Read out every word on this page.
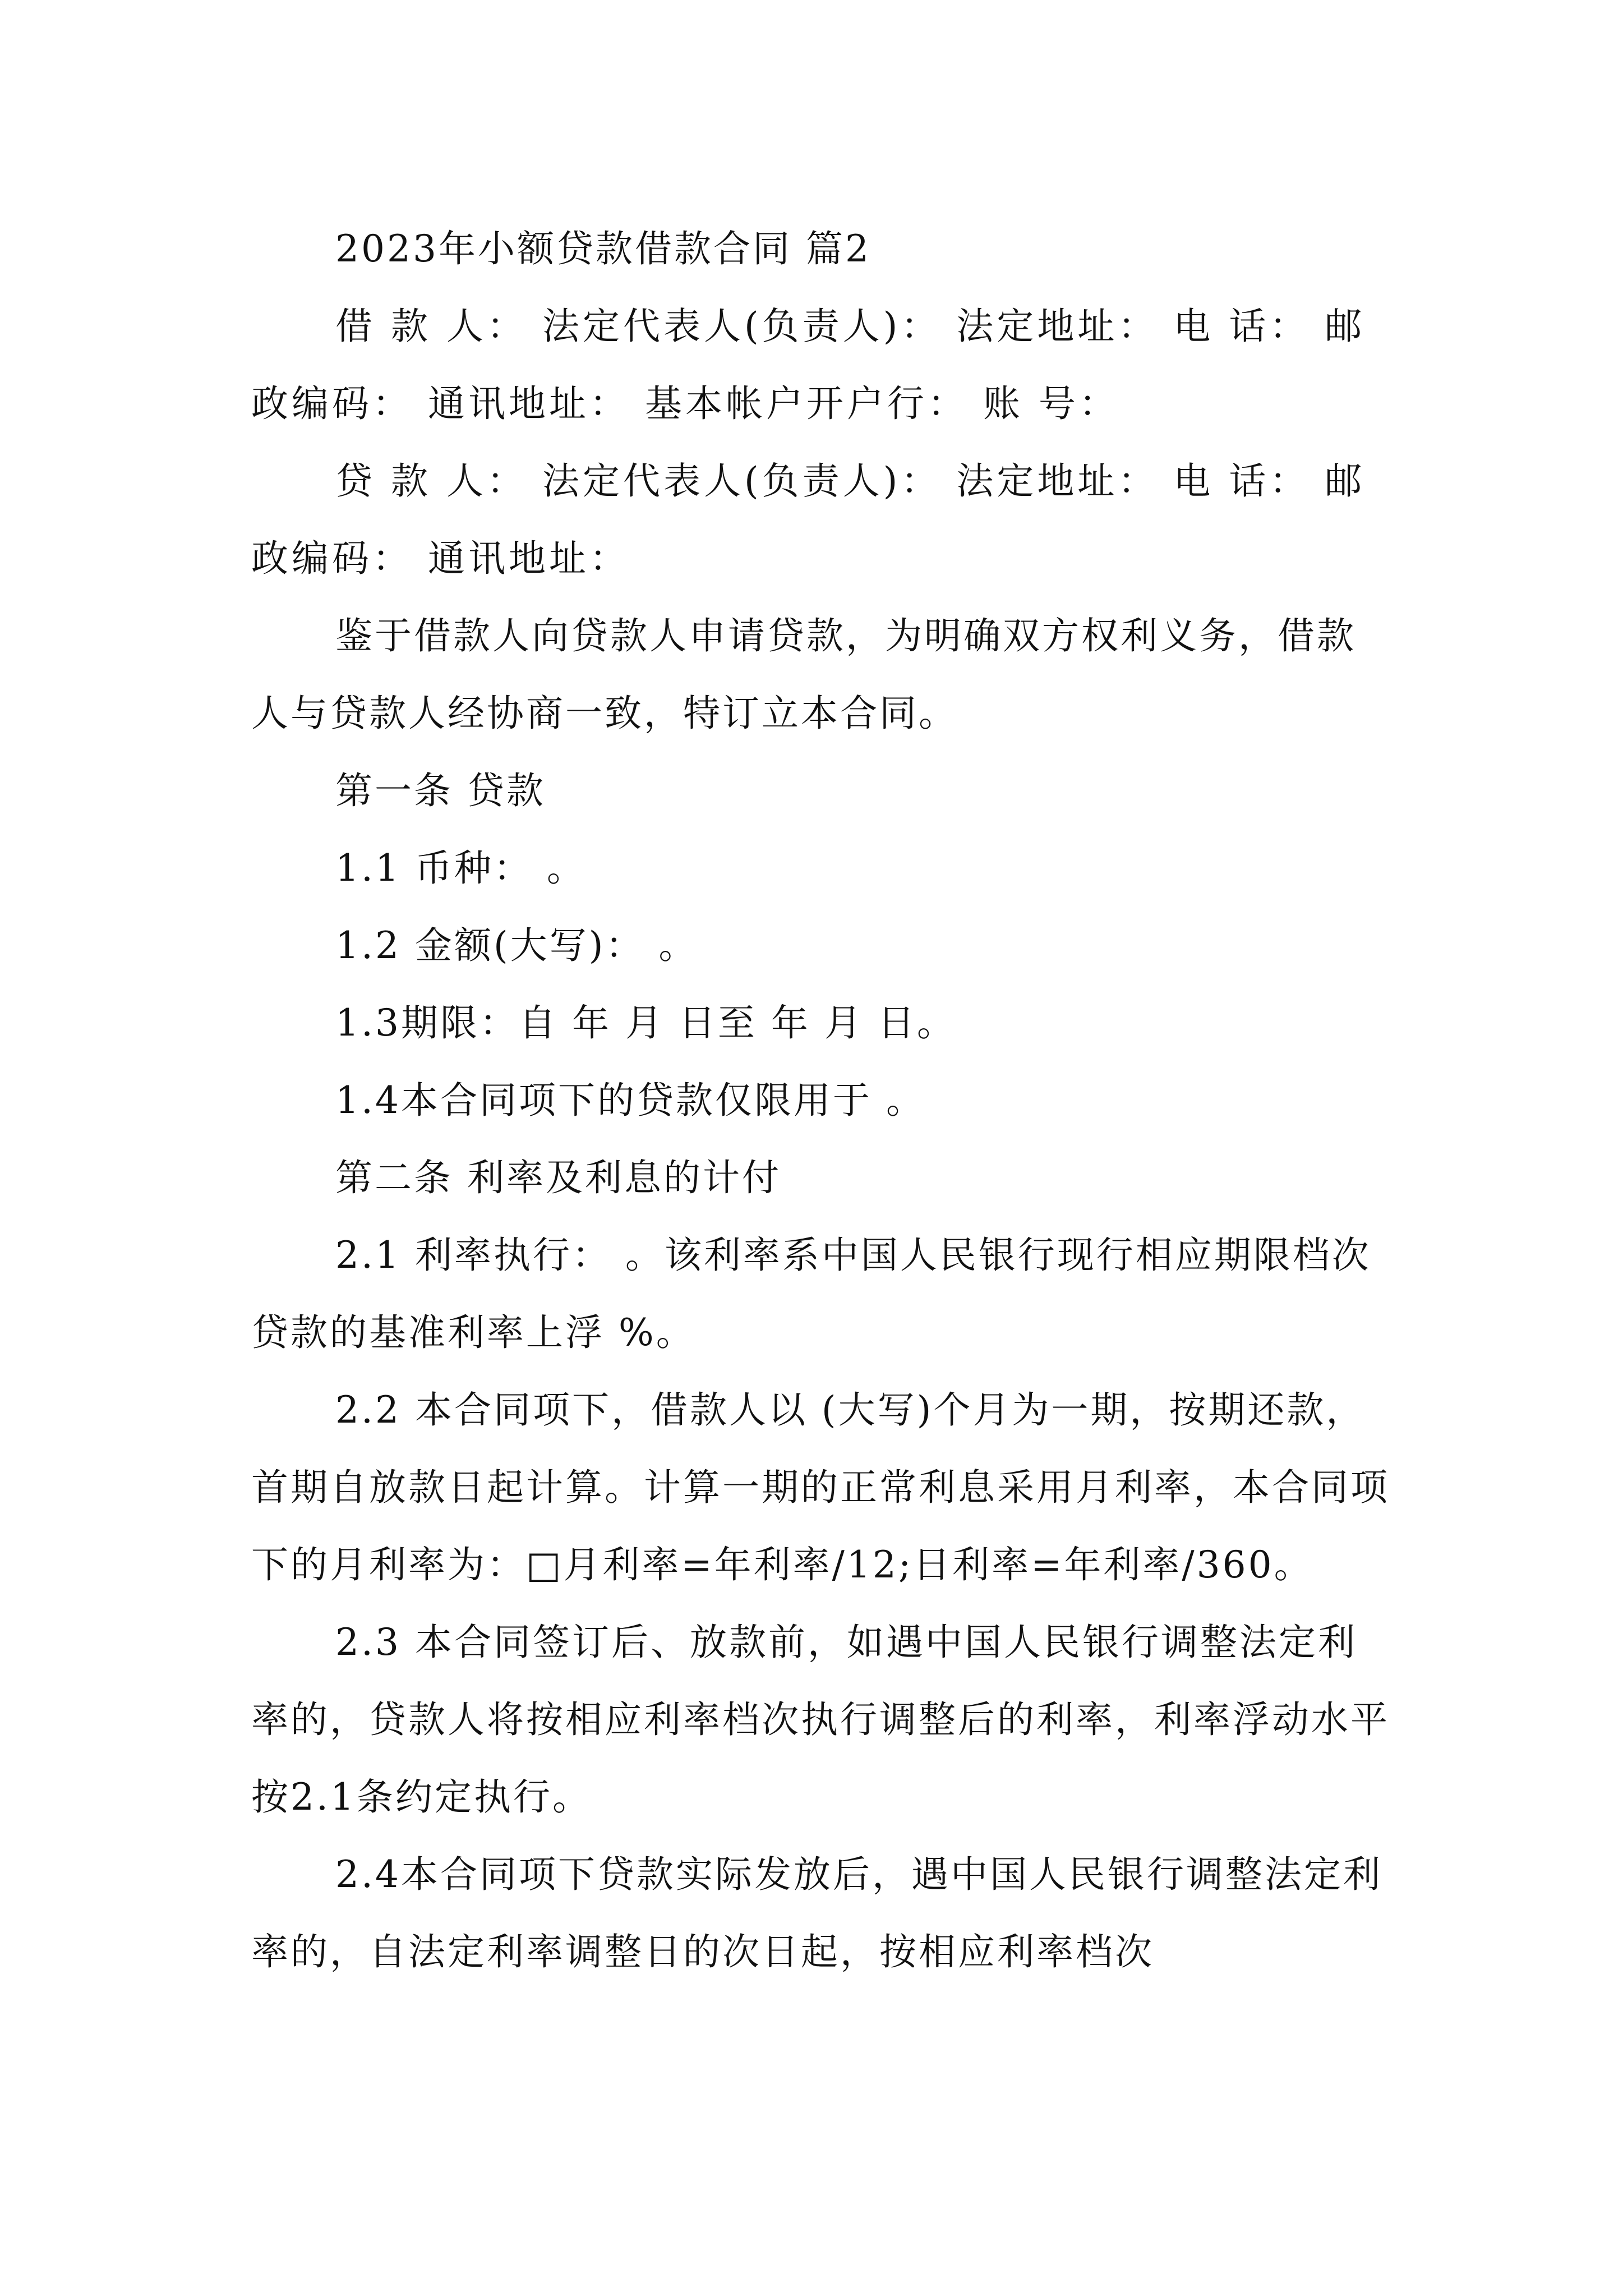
2023年小额贷款借款合同 篇2

借 款 人： 法定代表人(负责人)： 法定地址： 电 话： 邮政编码： 通讯地址： 基本帐户开户行： 账 号：

贷 款 人： 法定代表人(负责人)： 法定地址： 电 话： 邮政编码： 通讯地址：

鉴于借款人向贷款人申请贷款，为明确双方权利义务，借款人与贷款人经协商一致，特订立本合同。

第一条 贷款

1.1 币种： 。

1.2 金额(大写)： 。

1.3期限：自 年 月 日至 年 月 日。

1.4本合同项下的贷款仅限用于 。

第二条 利率及利息的计付

2.1 利率执行： 。该利率系中国人民银行现行相应期限档次贷款的基准利率上浮 %。

2.2 本合同项下，借款人以 (大写)个月为一期，按期还款，首期自放款日起计算。计算一期的正常利息采用月利率，本合同项下的月利率为：□月利率=年利率/12;日利率=年利率/360。

2.3 本合同签订后、放款前，如遇中国人民银行调整法定利率的，贷款人将按相应利率档次执行调整后的利率，利率浮动水平按2.1条约定执行。

2.4本合同项下贷款实际发放后，遇中国人民银行调整法定利率的，自法定利率调整日的次日起，按相应利率档次
